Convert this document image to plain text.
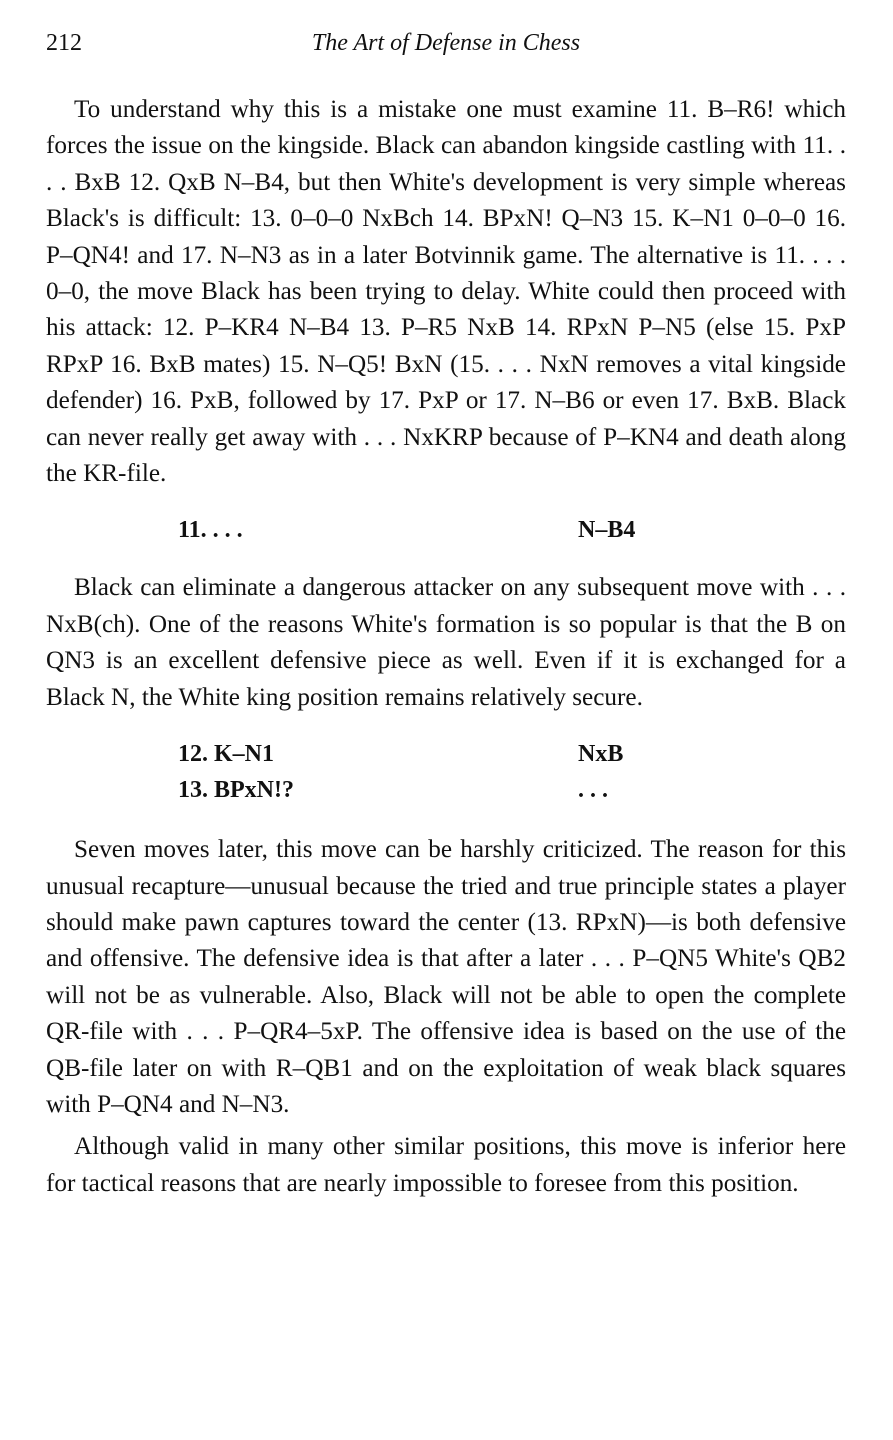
212	The Art of Defense in Chess

To understand why this is a mistake one must examine 11. B–R6! which forces the issue on the kingside. Black can abandon kingside castling with 11. . . . BxB 12. QxB N–B4, but then White's development is very simple whereas Black's is difficult: 13. 0–0–0 NxBch 14. BPxN! Q–N3 15. K–N1 0–0–0 16. P–QN4! and 17. N–N3 as in a later Botvinnik game. The alternative is 11. . . . 0–0, the move Black has been trying to delay. White could then proceed with his attack: 12. P–KR4 N–B4 13. P–R5 NxB 14. RPxN P–N5 (else 15. PxP RPxP 16. BxB mates) 15. N–Q5! BxN (15. . . . NxN removes a vital kingside defender) 16. PxB, followed by 17. PxP or 17. N–B6 or even 17. BxB. Black can never really get away with . . . NxKRP because of P–KN4 and death along the KR-file.

11. . . .	N–B4

Black can eliminate a dangerous attacker on any subsequent move with . . . NxB(ch). One of the reasons White's formation is so popular is that the B on QN3 is an excellent defensive piece as well. Even if it is exchanged for a Black N, the White king position remains relatively secure.

12. K–N1	NxB
13. BPxN!?	. . .

Seven moves later, this move can be harshly criticized. The reason for this unusual recapture—unusual because the tried and true principle states a player should make pawn captures toward the center (13. RPxN)—is both defensive and offensive. The defensive idea is that after a later . . . P–QN5 White's QB2 will not be as vulnerable. Also, Black will not be able to open the complete QR-file with . . . P–QR4–5xP. The offensive idea is based on the use of the QB-file later on with R–QB1 and on the exploitation of weak black squares with P–QN4 and N–N3.

Although valid in many other similar positions, this move is inferior here for tactical reasons that are nearly impossible to foresee from this position.
